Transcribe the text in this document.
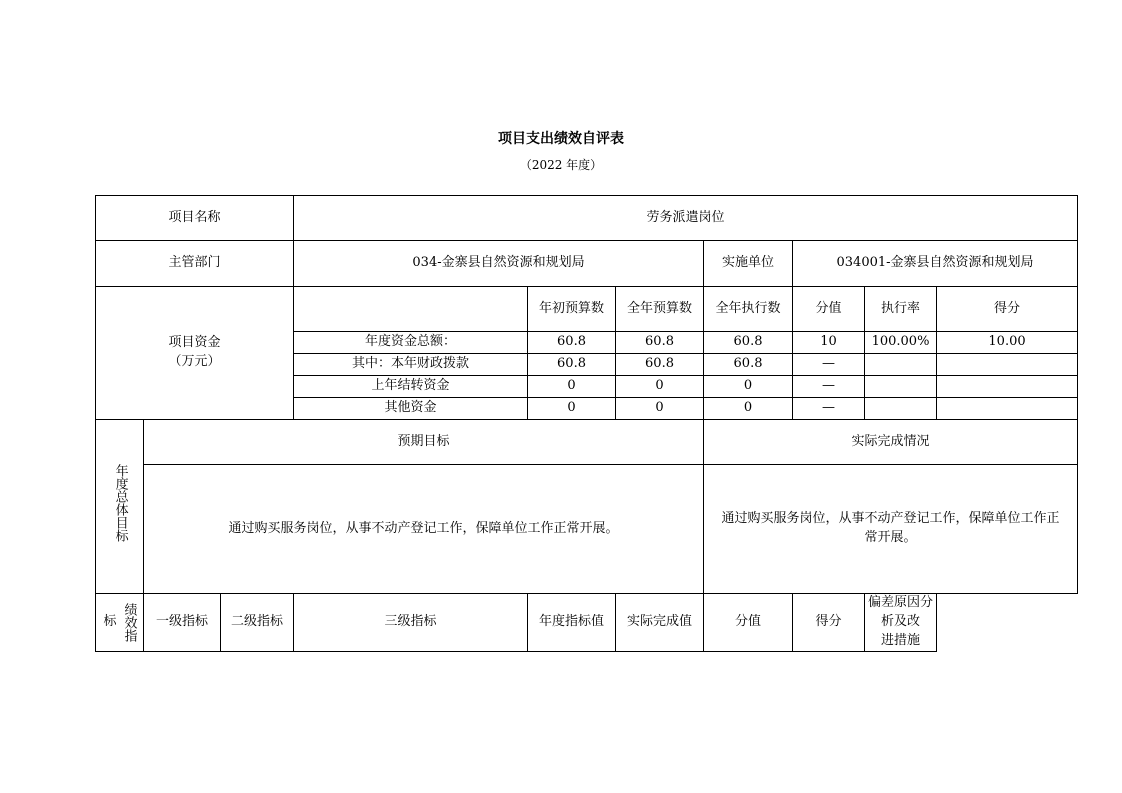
项目支出绩效自评表
（2022 年度）
项目名称			劳务派遣岗位						
主管部门			034-金寨县自然资源和规划局			实施单位	034001-金寨县自然资源和规划局		

项目资金
（万元）				年初预算数	全年预算数	全年执行数	分值	执行率	得分
			年度资金总额：	60.8	60.8	60.8	10	100.00%	10.00
			其中：本年财政拨款	60.8	60.8	60.8	—		
			上年结转资金	0	0	0	—		
			其他资金	0	0	0	—		
年度总体目标	预期目标					实际完成情况			
	通过购买服务岗位，从事不动产登记工作，保障单位工作正常开展。					通过购买服务岗位，从事不动产登记工作，保障单位工作正
常开展。			

标 绩效指	一级指标	二级指标	三级指标	年度指标值	实际完成值	分值	得分	偏差原因分析及改
进措施	
